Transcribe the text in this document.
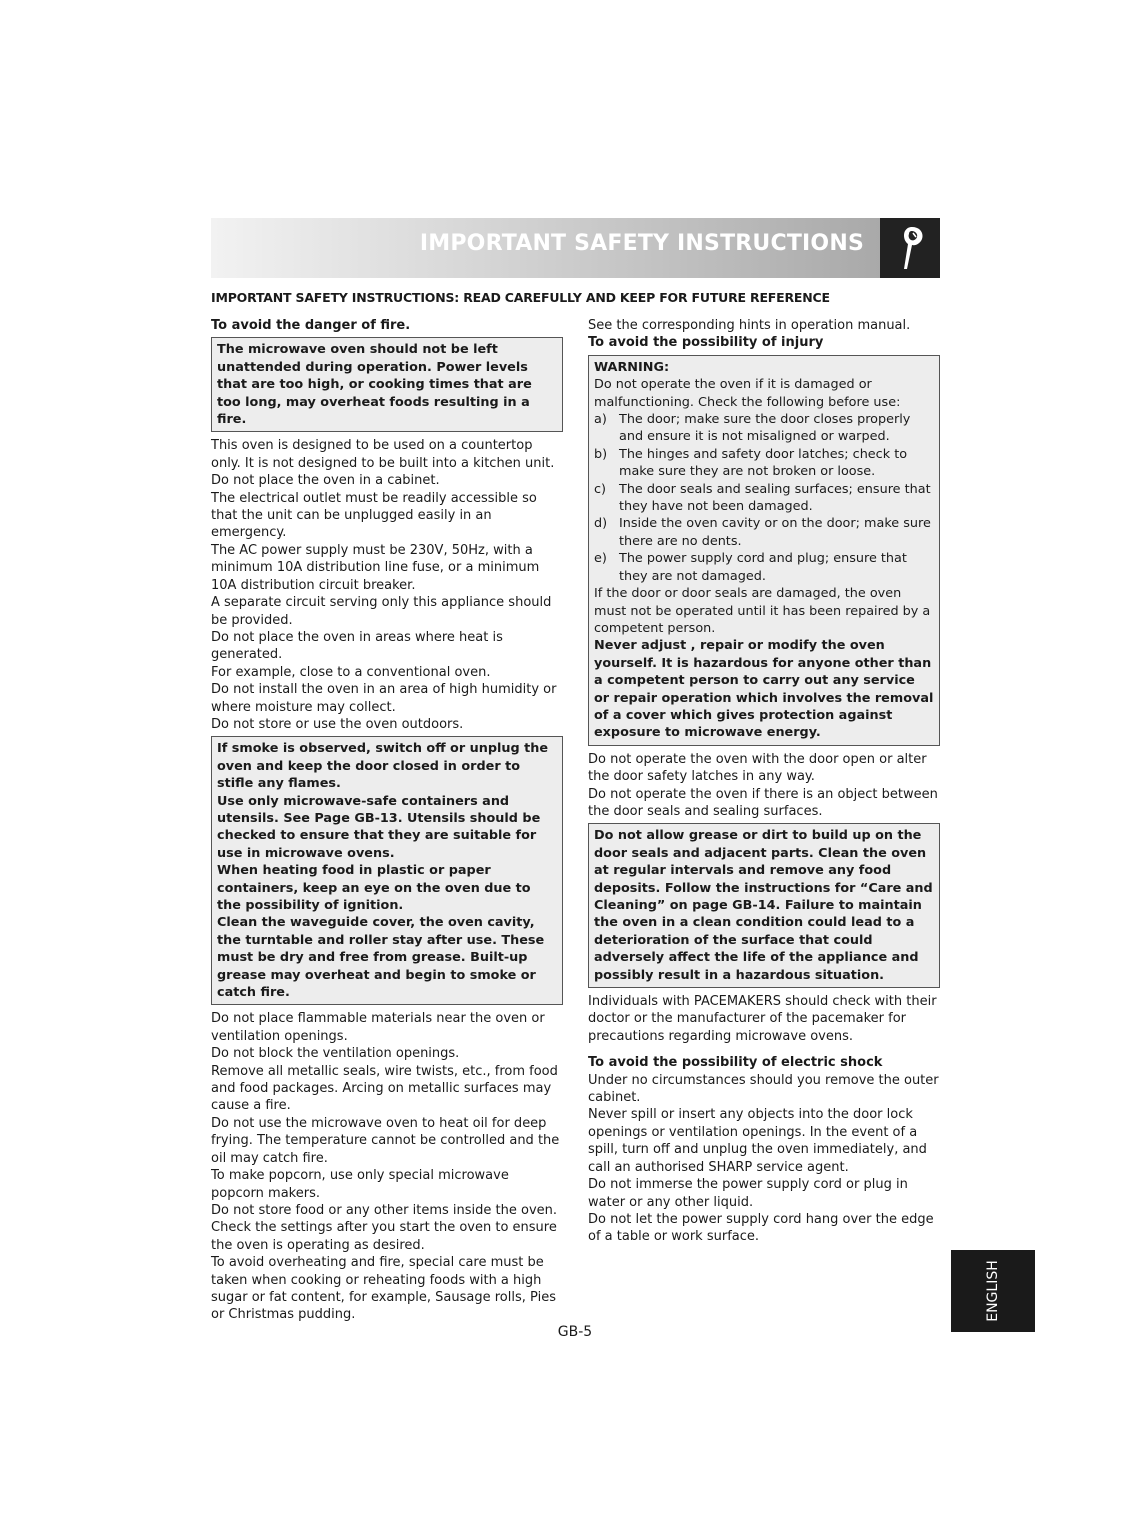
IMPORTANT SAFETY INSTRUCTIONS
IMPORTANT SAFETY INSTRUCTIONS: READ CAREFULLY AND KEEP FOR FUTURE REFERENCE

To avoid the danger of fire.

The microwave oven should not be left unattended during operation. Power levels that are too high, or cooking times that are too long, may overheat foods resulting in a fire.

This oven is designed to be used on a countertop only. It is not designed to be built into a kitchen unit.

Do not place the oven in a cabinet.

The electrical outlet must be readily accessible so that the unit can be unplugged easily in an emergency.

The AC power supply must be 230V, 50Hz, with a minimum 10A distribution line fuse, or a minimum 10A distribution circuit breaker.

A separate circuit serving only this appliance should be provided.

Do not place the oven in areas where heat is generated.

For example, close to a conventional oven.

Do not install the oven in an area of high humidity or where moisture may collect.

Do not store or use the oven outdoors.

If smoke is observed, switch off or unplug the oven and keep the door closed in order to stifle any flames.

Use only microwave-safe containers and utensils. See Page GB-13. Utensils should be checked to ensure that they are suitable for use in microwave ovens.

When heating food in plastic or paper containers, keep an eye on the oven due to the possibility of ignition.

Clean the waveguide cover, the oven cavity, the turntable and roller stay after use. These must be dry and free from grease. Built-up grease may overheat and begin to smoke or catch fire.

Do not place flammable materials near the oven or ventilation openings.

Do not block the ventilation openings.

Remove all metallic seals, wire twists, etc., from food and food packages. Arcing on metallic surfaces may cause a fire.

Do not use the microwave oven to heat oil for deep frying. The temperature cannot be controlled and the oil may catch fire.

To make popcorn, use only special microwave popcorn makers.

Do not store food or any other items inside the oven.

Check the settings after you start the oven to ensure the oven is operating as desired.

To avoid overheating and fire, special care must be taken when cooking or reheating foods with a high sugar or fat content, for example, Sausage rolls, Pies or Christmas pudding.

See the corresponding hints in operation manual.

To avoid the possibility of injury

WARNING:

Do not operate the oven if it is damaged or malfunctioning. Check the following before use:

a) The door; make sure the door closes properly and ensure it is not misaligned or warped.
b) The hinges and safety door latches; check to make sure they are not broken or loose.
c)	The door seals and sealing surfaces; ensure that they have not been damaged.
d) Inside the oven cavity or on the door; make sure there are no dents.
e) The power supply cord and plug; ensure that they are not damaged.

If the door or door seals are damaged, the oven must not be operated until it has been repaired by a competent person.

Never adjust , repair or modify the oven yourself. It is hazardous for anyone other than a competent person to carry out any service or repair operation which involves the removal of a cover which gives protection against exposure to microwave energy.

Do not operate the oven with the door open or alter the door safety latches in any way.

Do not operate the oven if there is an object between the door seals and sealing surfaces.

Do not allow grease or dirt to build up on the door seals and adjacent parts. Clean the oven at regular intervals and remove any food deposits. Follow the instructions for “Care and Cleaning” on page GB-14. Failure to maintain the oven in a clean condition could lead to a deterioration of the surface that could adversely affect the life of the appliance and possibly result in a hazardous situation.

Individuals with PACEMAKERS should check with their doctor or the manufacturer of the pacemaker for precautions regarding microwave ovens.

To avoid the possibility of electric shock

Under no circumstances should you remove the outer cabinet.

Never spill or insert any objects into the door lock openings or ventilation openings. In the event of a spill, turn off and unplug the oven immediately, and call an authorised SHARP service agent.

Do not immerse the power supply cord or plug in water or any other liquid.

Do not let the power supply cord hang over the edge of a table or work surface.

GB-5
ENGLISH
